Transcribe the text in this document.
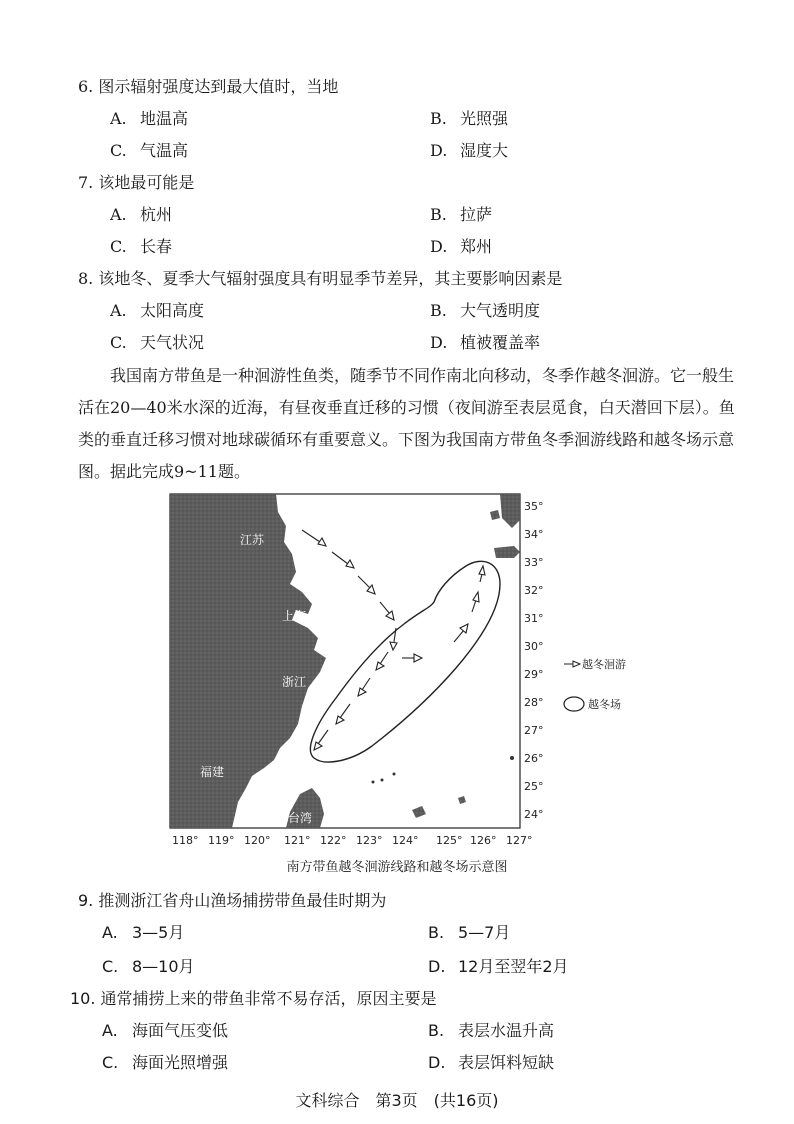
6. 图示辐射强度达到最大值时，当地
A. 地温高	B. 光照强
C. 气温高	D. 湿度大
7. 该地最可能是
A. 杭州	B. 拉萨
C. 长春	D. 郑州
8. 该地冬、夏季大气辐射强度具有明显季节差异，其主要影响因素是
A. 太阳高度	B. 大气透明度
C. 天气状况	D. 植被覆盖率
我国南方带鱼是一种洄游性鱼类，随季节不同作南北向移动，冬季作越冬洄游。它一般生活在20—40米水深的近海，有昼夜垂直迁移的习惯（夜间游至表层觅食，白天潜回下层）。鱼类的垂直迁移习惯对地球碳循环有重要意义。下图为我国南方带鱼冬季洄游线路和越冬场示意图。据此完成9~11题。
江苏
上海
浙江
福建
台湾
35°
34°
33°
32°
31°
30°
29°
28°
27°
26°
25°
24°
118° 119° 120° 121° 122° 123° 124° 125° 126° 127°
越冬洄游
越冬场
南方带鱼越冬洄游线路和越冬场示意图
9. 推测浙江省舟山渔场捕捞带鱼最佳时期为
A. 3—5月	B. 5—7月
C. 8—10月	D. 12月至翌年2月
10. 通常捕捞上来的带鱼非常不易存活，原因主要是
A. 海面气压变低	B. 表层水温升高
C. 海面光照增强	D. 表层饵料短缺
文科综合　第3页　(共16页)
